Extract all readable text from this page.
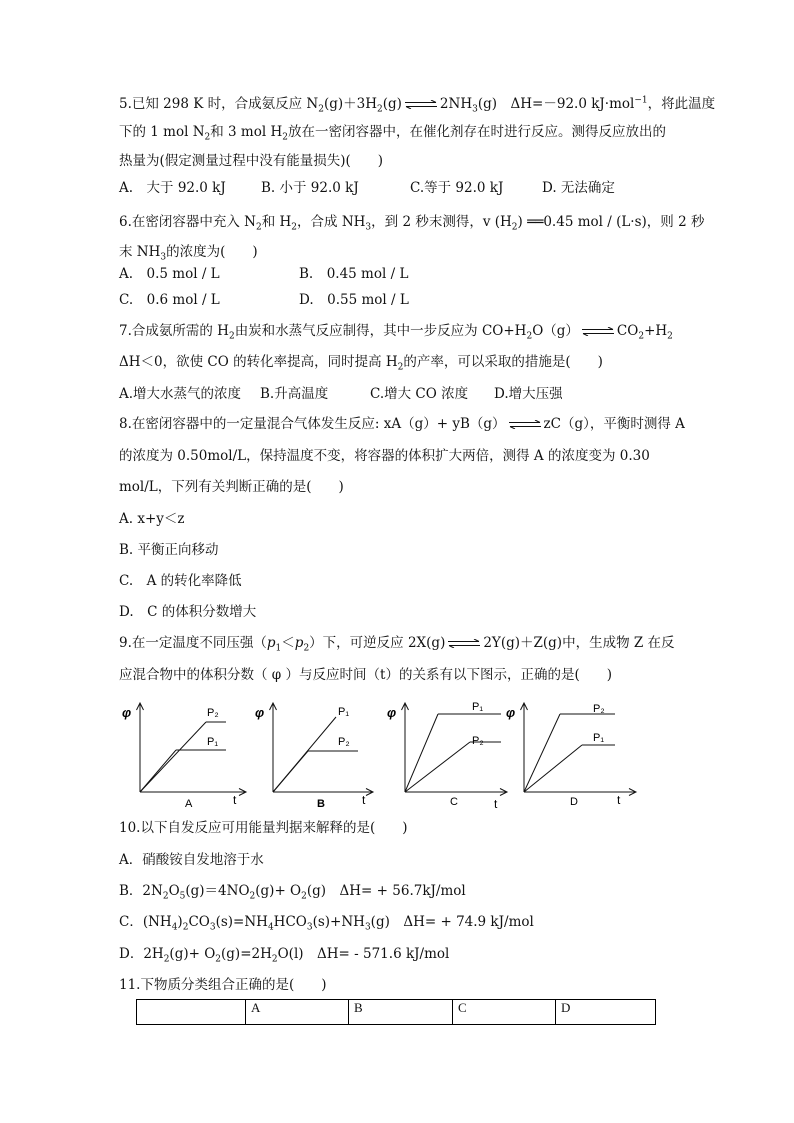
5.已知 298 K 时，合成氨反应 $N_2(g)+3H_2(g)$ ⇌ $2NH_3(g)$　ΔH=－92.0 kJ·mol$^{-1}$，将此温度
下的 1 mol $N_2$和 3 mol $H_2$放在一密闭容器中，在催化剂存在时进行反应。测得反应放出的
热量为(假定测量过程中没有能量损失)(　　)
A.　大于 92.0 kJ	B. 小于 92.0 kJ	C.等于 92.0 kJ	D. 无法确定
6.在密闭容器中充入 $N_2$和 $H_2$，合成 $NH_3$，到 2 秒末测得，v $(H_2)$ ══0.45 mol / (L·s)，则 2 秒
末 $NH_3$的浓度为(　　)
A.　0.5 mol / L	B.　0.45 mol / L
C.　0.6 mol / L	D.　0.55 mol / L
7.合成氨所需的 $H_2$由炭和水蒸气反应制得，其中一步反应为 $CO+H_2O(g)$ ⇌ $CO_2+H_2$
ΔH＜0，欲使 CO 的转化率提高，同时提高 $H_2$的产率，可以采取的措施是(　　)
A.增大水蒸气的浓度 B.升高温度	C.增大 CO 浓度 D.增大压强
8.在密闭容器中的一定量混合气体发生反应: xA（g）+ yB（g） ⇌ zC（g），平衡时测得 A
的浓度为 0.50mol/L，保持温度不变，将容器的体积扩大两倍，测得 A 的浓度变为 0.30
mol/L，下列有关判断正确的是(　　)
A. x+y＜z
B. 平衡正向移动
C.　A 的转化率降低
D.　C 的体积分数增大
9.在一定温度不同压强$(p_1<p_2)$下，可逆反应 2X(g) ⇌ 2Y(g)＋Z(g)中，生成物 Z 在反
应混合物中的体积分数（ φ ）与反应时间（t）的关系有以下图示，正确的是(　　)
φ	P₂
P₁
A	t
φ	P₁
P₂
B	t
φ	P₁
P₂
C	t
φ	P₂
P₁
D	t
10.以下自发反应可用能量判据来解释的是(　　)
A．硝酸铵自发地溶于水
B．$2N_2O_5(g)=4NO_2(g)+ O_2(g)$　ΔH= + 56.7kJ/mol
C．$(NH_4)_2CO_3(s)=NH_4HCO_3(s)+NH_3(g)$　ΔH= + 74.9 kJ/mol
D．$2H_2(g)+ O_2(g)=2H_2O(l)$　ΔH= - 571.6 kJ/mol
11.下物质分类组合正确的是(　　)
	A	B	C	D
